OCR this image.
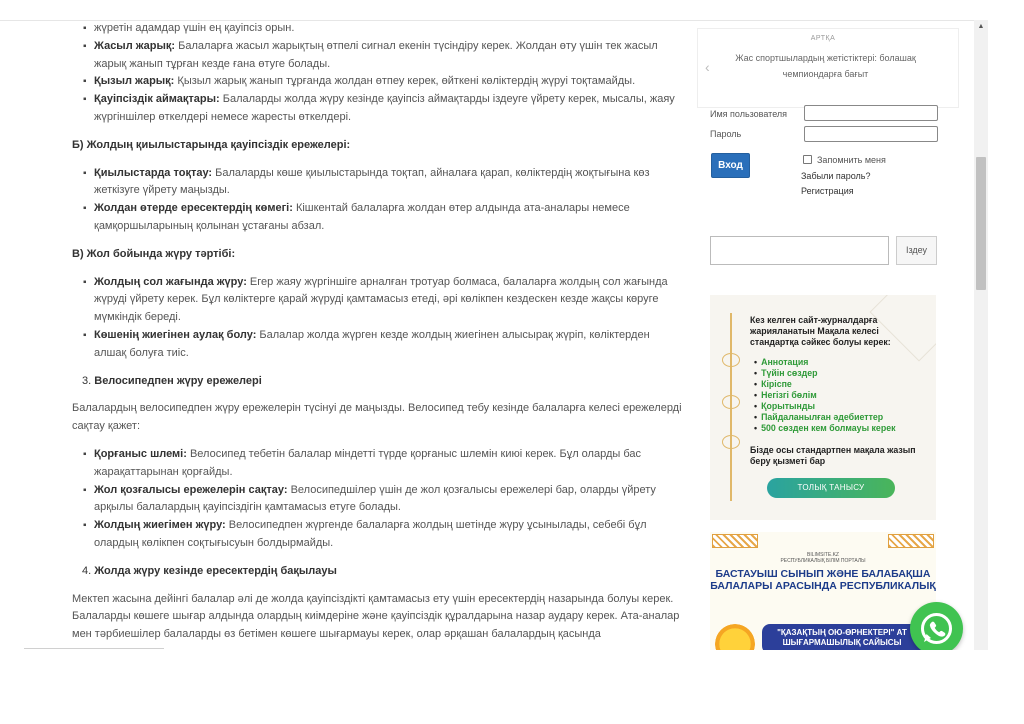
▪ жүретін адамдар үшін ең қауіпсіз орын.
▪ Жасыл жарық: Балаларға жасыл жарықтың өтпелі сигнал екенін түсіндіру керек. Жолдан өту үшін тек жасыл жарық жанып тұрған кезде ғана өтуге болады.
▪ Қызыл жарық: Қызыл жарық жанып тұрғанда жолдан өтпеу керек, өйткені көліктердің жүруі тоқтамайды.
▪ Қауіпсіздік аймақтары: Балаларды жолда жүру кезінде қауіпсіз аймақтарды іздеуге үйрету керек, мысалы, жаяу жүргіншілер өткелдері немесе жаресты өткелдері.
Б) Жолдың қиылыстарында қауіпсіздік ережелері:
▪ Қиылыстарда тоқтау: Балаларды көше қиылыстарында тоқтап, айналаға қарап, көліктердің жоқтығына көз жеткізуге үйрету маңызды.
▪ Жолдан өтерде ересектердің көмегі: Кішкентай балаларға жолдан өтер алдында ата-аналары немесе қамқоршыларының қолынан ұстағаны абзал.
В) Жол бойында жүру тәртібі:
▪ Жолдың сол жағында жүру: Егер жаяу жүргіншіге арналған тротуар болмаса, балаларға жолдың сол жағында жүруді үйрету керек. Бұл көліктерге қарай жүруді қамтамасыз етеді, әрі көлікпен кездескен кезде жақсы көруге мүмкіндік береді.
▪ Көшенің жиегінен аулақ болу: Балалар жолда жүрген кезде жолдың жиегінен алысырақ жүріп, көліктерден алшақ болуға тиіс.
3. Велосипедпен жүру ережелері
Балалардың велосипедпен жүру ережелерін түсінуі де маңызды. Велосипед тебу кезінде балаларға келесі ережелерді сақтау қажет:
▪ Қорғаныс шлемі: Велосипед тебетін балалар міндетті түрде қорғаныс шлемін киюі керек. Бұл оларды бас жарақаттарынан қорғайды.
▪ Жол қозғалысы ережелерін сақтау: Велосипедшілер үшін де жол қозғалысы ережелері бар, оларды үйрету арқылы балалардың қауіпсіздігін қамтамасыз етуге болады.
▪ Жолдың жиегімен жүру: Велосипедпен жүргенде балаларға жолдың шетінде жүру ұсынылады, себебі бұл олардың көлікпен соқтығысуын болдырмайды.
4. Жолда жүру кезінде ересектердің бақылауы
Мектеп жасына дейінгі балалар әлі де жолда қауіпсіздікті қамтамасыз ету үшін ересектердің назарында болуы керек. Балаларды көшеге шығар алдында олардың киімдеріне және қауіпсіздік құралдарына назар аудару керек. Ата-аналар мен тәрбиешілер балаларды өз бетімен көшеге шығармауы керек, олар әрқашан балалардың қасында
АРТҚА
‹
Жас спортшылардың жетістіктері: болашақ чемпиондарға бағыт
Имя пользователя
Пароль
Вход	Запомнить меня
Забыли пароль?
Регистрация
Іздеу
Кез келген сайт-журналдарға жарияланатын Мақала келесі стандартқа сәйкес болуы керек:
• Аннотация
• Түйін сөздер
• Кіріспе
• Негізгі бөлім
• Қорытынды
• Пайдаланылған әдебиеттер
• 500 сөзден кем болмауы керек
Бізде осы стандартпен мақала жазып беру қызметі бар
ТОЛЫҚ ТАНЫСУ
BILIMSITE.KZ
РЕСПУБЛИКАЛЫҚ БІЛІМ ПОРТАЛЫ
БАСТАУЫШ СЫНЫП ЖӘНЕ БАЛАБАҚША БАЛАЛАРЫ АРАСЫНДА РЕСПУБЛИКАЛЫҚ
"ҚАЗАҚТЫҢ ОЮ-ӨРНЕКТЕРІ" АТ ШЫҒАРМАШЫЛЫҚ САЙЫСЫ
▲
